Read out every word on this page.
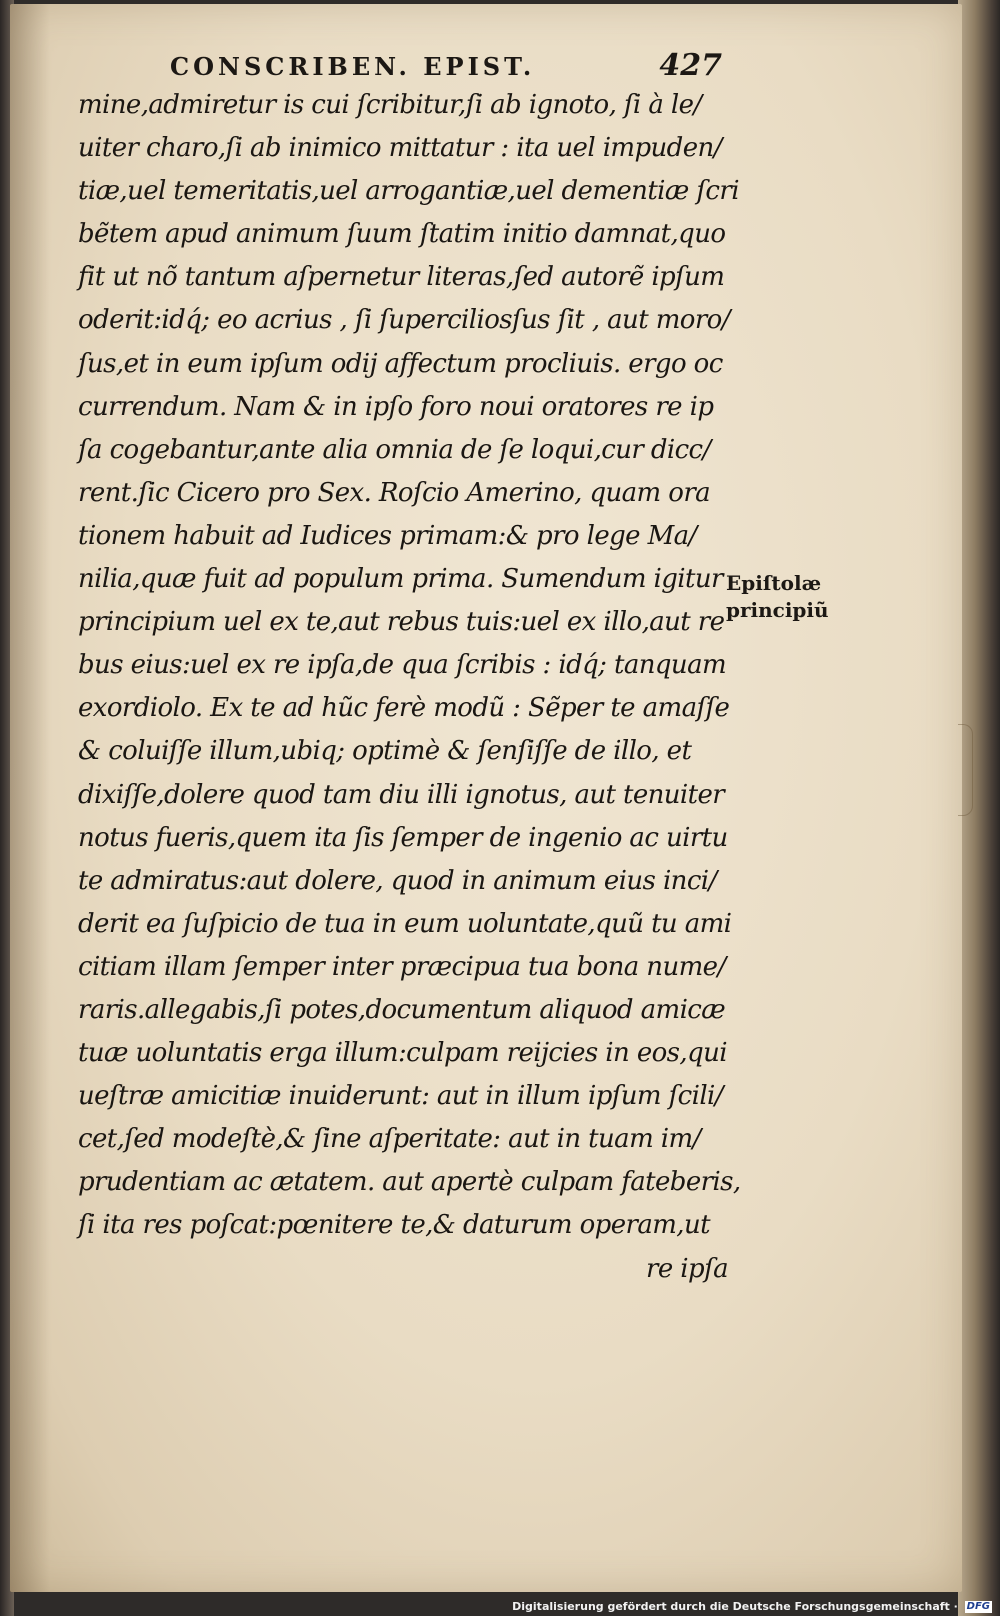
CONSCRIBEN. EPIST.	427
mine,admiretur is cui ſcribitur,ſi ab ignoto, ſi à le/
uiter charo,ſi ab inimico mittatur : ita uel impuden/
tiæ,uel temeritatis,uel arrogantiæ,uel dementiæ ſcri
bẽtem apud animum ſuum ſtatim initio damnat,quo
fit ut nõ tantum aſpernetur literas,ſed autorẽ ipſum
oderit:idq́; eo acrius , ſi ſuperciliosſus ſit , aut moro/
ſus,et in eum ipſum odij affectum procliuis. ergo oc
currendum. Nam & in ipſo foro noui oratores re ip
ſa cogebantur,ante alia omnia de ſe loqui,cur dicc/
rent.ſic Cicero pro Sex. Roſcio Amerino, quam ora
tionem habuit ad Iudices primam:& pro lege Ma/
nilia,quæ fuit ad populum prima. Sumendum igitur
principium uel ex te,aut rebus tuis:uel ex illo,aut re
bus eius:uel ex re ipſa,de qua ſcribis : idq́; tanquam
exordiolo. Ex te ad hũc ferè modũ : Sẽper te amaſſe
& coluiſſe illum,ubiq; optimè & ſenſiſſe de illo, et
dixiſſe,dolere quod tam diu illi ignotus, aut tenuiter
notus fueris,quem ita ſis ſemper de ingenio ac uirtu
te admiratus:aut dolere, quod in animum eius inci/
derit ea ſuſpicio de tua in eum uoluntate,quũ tu ami
citiam illam ſemper inter præcipua tua bona nume/
raris.allegabis,ſi potes,documentum aliquod amicæ
tuæ uoluntatis erga illum:culpam reijcies in eos,qui
ueſtræ amicitiæ inuiderunt: aut in illum ipſum ſcili/
cet,ſed modeſtè,& ſine aſperitate: aut in tuam im/
prudentiam ac ætatem. aut apertè culpam fateberis,
ſi ita res poſcat:pœnitere te,& daturum operam,ut
re ipſa
Epiſtolæ
principiũ
Digitalisierung gefördert durch die Deutsche Forschungsgemeinschaft · DFG
